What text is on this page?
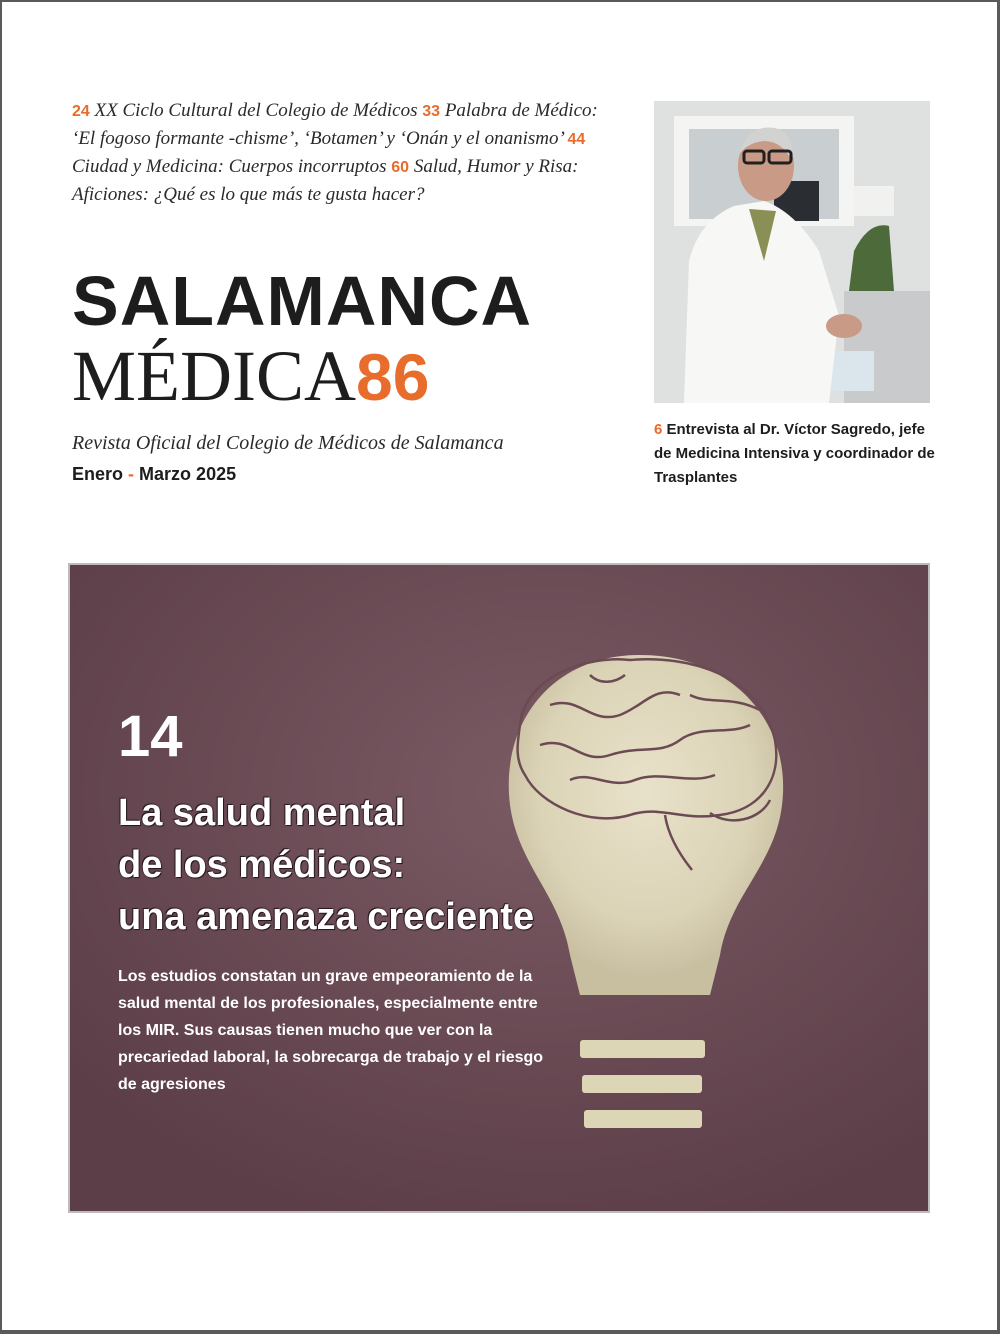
24 XX Ciclo Cultural del Colegio de Médicos 33 Palabra de Médico: ‘El fogoso formante -chisme’, ‘Botamen’ y ‘Onán y el onanismo’ 44 Ciudad y Medicina: Cuerpos incorruptos 60 Salud, Humor y Risa: Aficiones: ¿Qué es lo que más te gusta hacer?
6 Entrevista al Dr. Víctor Sagredo, jefe de Medicina Intensiva y coordinador de Trasplantes
SALAMANCA
MÉDICA86
Revista Oficial del Colegio de Médicos de Salamanca
Enero - Marzo 2025
14
La salud mental
de los médicos:
una amenaza creciente
Los estudios constatan un grave empeoramiento de la salud mental de los profesionales, especialmente entre los MIR. Sus causas tienen mucho que ver con la precariedad laboral, la sobrecarga de trabajo y el riesgo de agresiones
